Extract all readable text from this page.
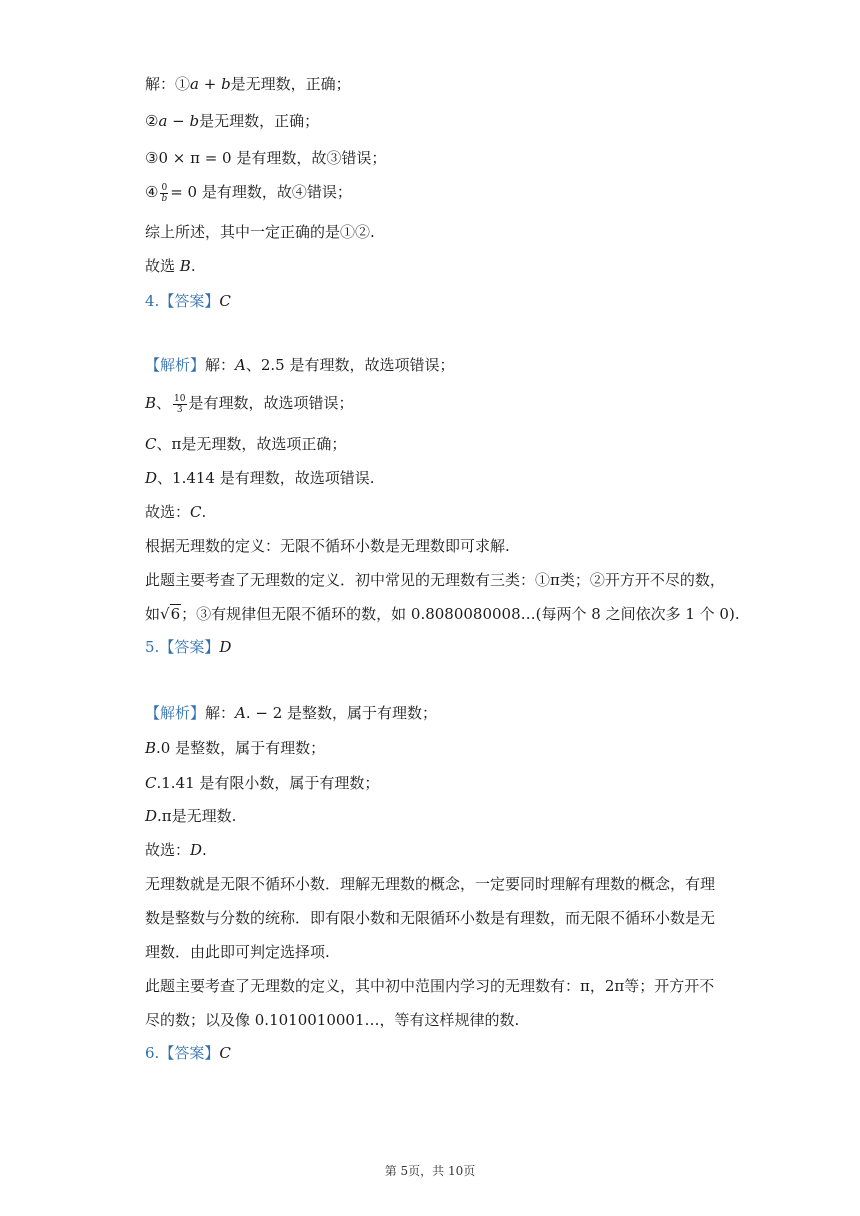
解：①a + b是无理数，正确；
②a − b是无理数，正确；
③0 × π = 0 是有理数，故③错误；
④ $\frac{0}{b} = 0$ 是有理数，故④错误；
综上所述，其中一定正确的是①②.
故选 B.
4.【答案】C
【解析】解：A、2.5 是有理数，故选项错误；
B、 $\frac{10}{3}$ 是有理数，故选项错误；
C、π是无理数，故选项正确；
D、1.414 是有理数，故选项错误.
故选：C.
根据无理数的定义：无限不循环小数是无理数即可求解.
此题主要考查了无理数的定义．初中常见的无理数有三类：①π类；②开方开不尽的数，
如√6；③有规律但无限不循环的数，如 0.8080080008…(每两个 8 之间依次多 1 个 0).
5.【答案】D
【解析】解：A. − 2 是整数，属于有理数；
B.0 是整数，属于有理数；
C.1.41 是有限小数，属于有理数；
D.π是无理数.
故选：D.
无理数就是无限不循环小数．理解无理数的概念，一定要同时理解有理数的概念，有理
数是整数与分数的统称．即有限小数和无限循环小数是有理数，而无限不循环小数是无
理数．由此即可判定选择项.
此题主要考查了无理数的定义，其中初中范围内学习的无理数有：π，2π等；开方开不
尽的数；以及像 0.1010010001…，等有这样规律的数.
6.【答案】C
第 5页，共 10页
